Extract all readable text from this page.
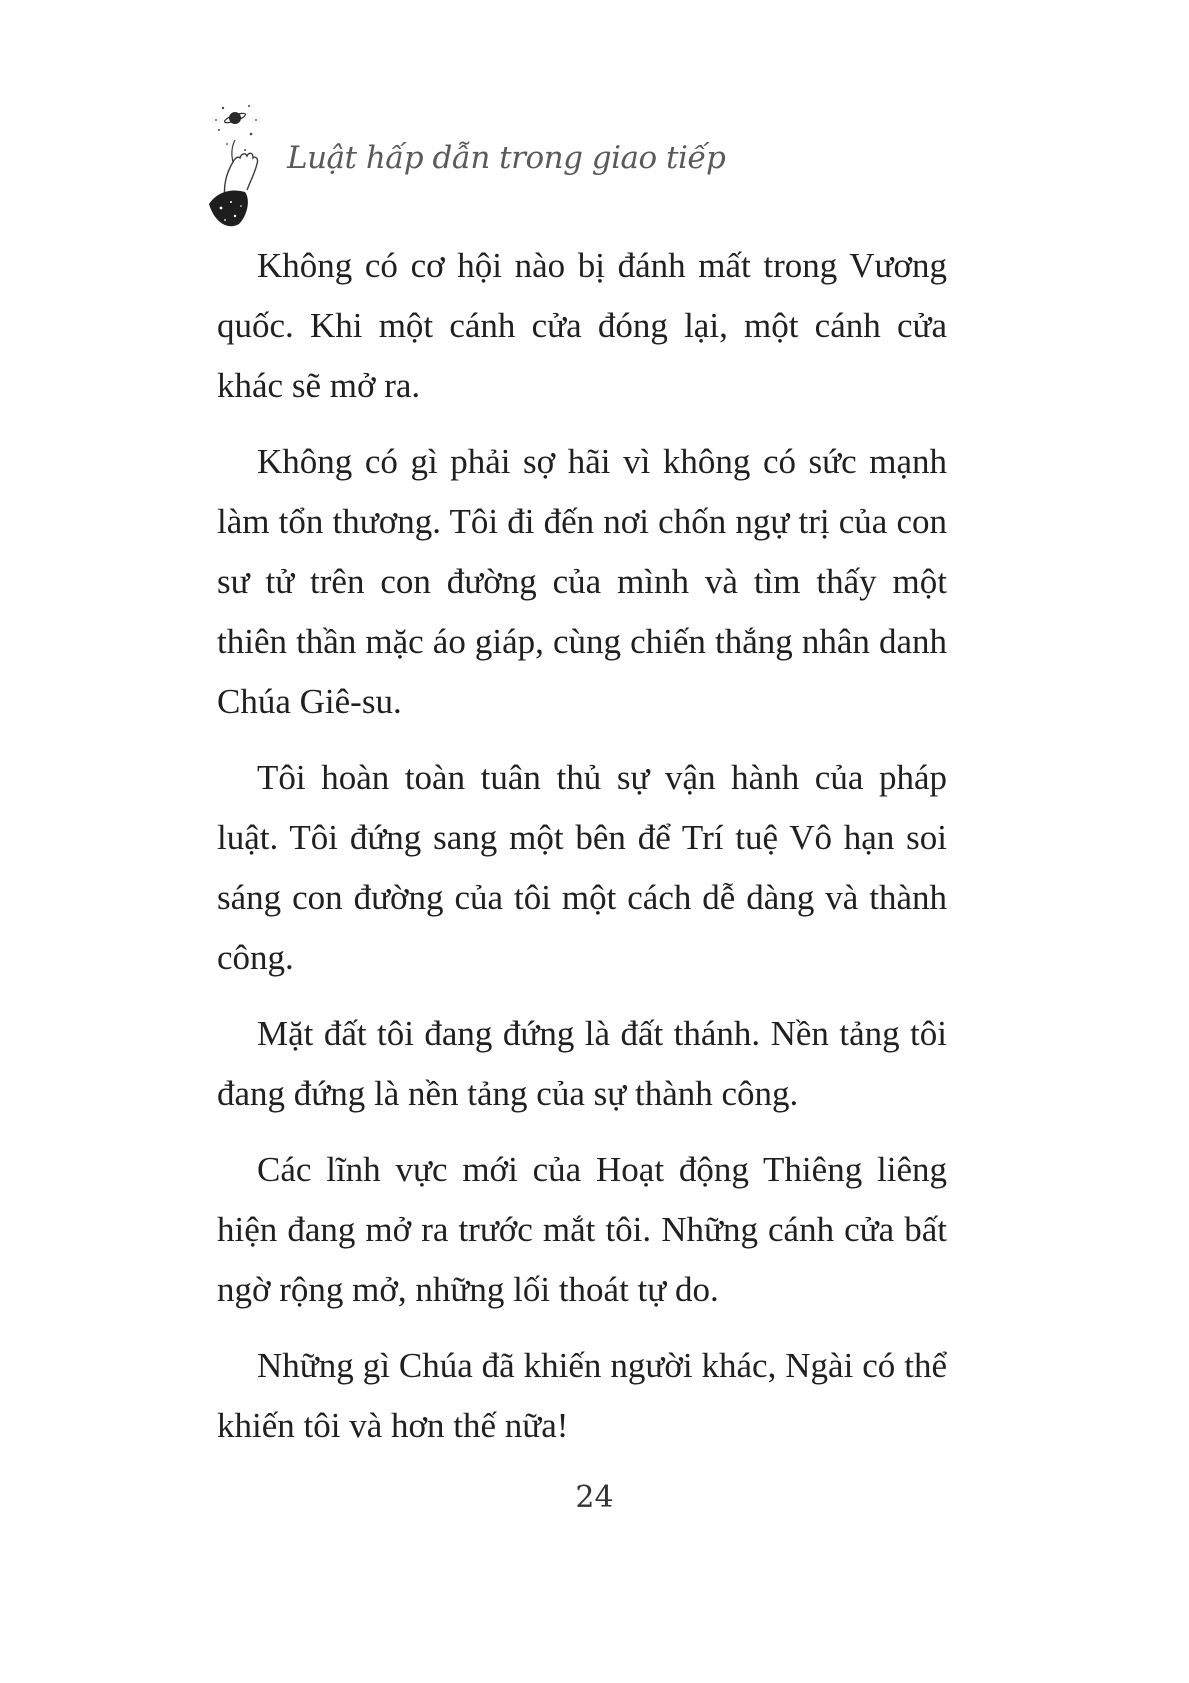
Luật hấp dẫn trong giao tiếp

Không có cơ hội nào bị đánh mất trong Vương quốc. Khi một cánh cửa đóng lại, một cánh cửa khác sẽ mở ra.

Không có gì phải sợ hãi vì không có sức mạnh làm tổn thương. Tôi đi đến nơi chốn ngự trị của con sư tử trên con đường của mình và tìm thấy một thiên thần mặc áo giáp, cùng chiến thắng nhân danh Chúa Giê-su.

Tôi hoàn toàn tuân thủ sự vận hành của pháp luật. Tôi đứng sang một bên để Trí tuệ Vô hạn soi sáng con đường của tôi một cách dễ dàng và thành công.

Mặt đất tôi đang đứng là đất thánh. Nền tảng tôi đang đứng là nền tảng của sự thành công.

Các lĩnh vực mới của Hoạt động Thiêng liêng hiện đang mở ra trước mắt tôi. Những cánh cửa bất ngờ rộng mở, những lối thoát tự do.

Những gì Chúa đã khiến người khác, Ngài có thể khiến tôi và hơn thế nữa!

24
